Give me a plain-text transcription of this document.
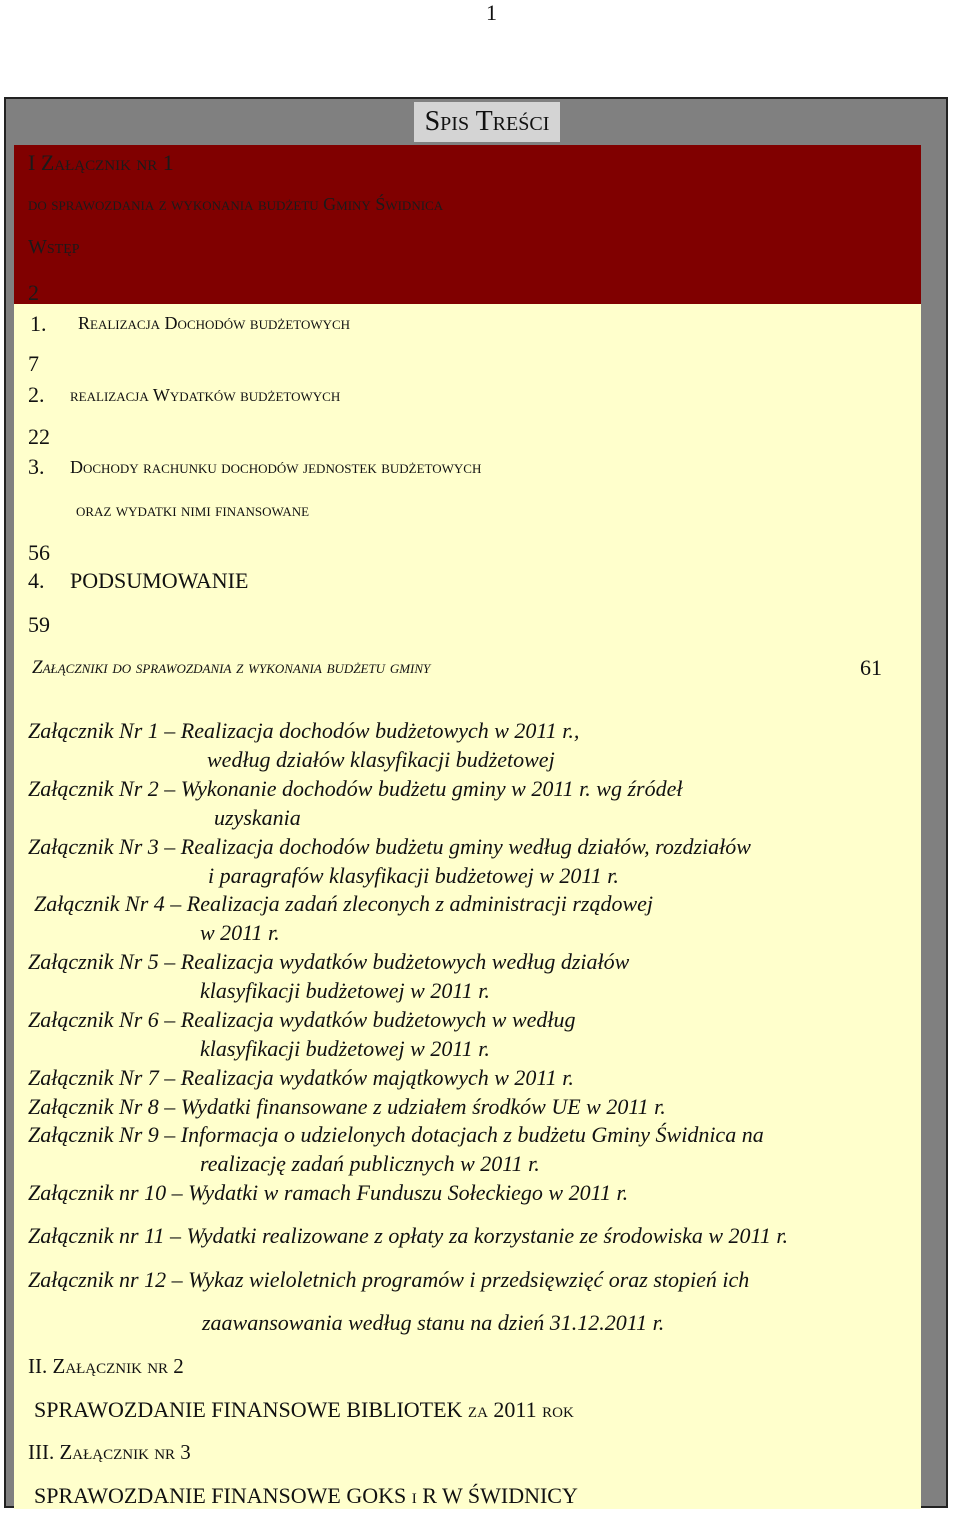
1
Spis Treści
I Załącznik nr 1
do sprawozdania z wykonania budżetu Gminy Świdnica
Wstęp
2
1. Realizacja Dochodów budżetowych
7
2. realizacja Wydatków budżetowych
22
3. Dochody rachunku dochodów jednostek budżetowych
oraz wydatki nimi finansowane
56
4. PODSUMOWANIE
59
Załączniki do sprawozdania z wykonania budżetu gminy	61
Załącznik Nr 1 – Realizacja dochodów budżetowych w 2011 r.,
według działów klasyfikacji budżetowej
Załącznik Nr 2 – Wykonanie dochodów budżetu gminy w 2011 r. wg źródeł
uzyskania
Załącznik Nr 3 – Realizacja dochodów budżetu gminy według działów, rozdziałów
i paragrafów klasyfikacji budżetowej w 2011 r.
Załącznik Nr 4 – Realizacja zadań zleconych z administracji rządowej
w 2011 r.
Załącznik Nr 5 – Realizacja wydatków budżetowych według działów
klasyfikacji budżetowej w 2011 r.
Załącznik Nr 6 – Realizacja wydatków budżetowych w według
klasyfikacji budżetowej w 2011 r.
Załącznik Nr 7 – Realizacja wydatków majątkowych w 2011 r.
Załącznik Nr 8 – Wydatki finansowane z udziałem środków UE w 2011 r.
Załącznik Nr 9 – Informacja o udzielonych dotacjach z budżetu Gminy Świdnica na
realizację zadań publicznych w 2011 r.
Załącznik nr 10 – Wydatki w ramach Funduszu Sołeckiego w 2011 r.
Załącznik nr 11 – Wydatki realizowane z opłaty za korzystanie ze środowiska w 2011 r.
Załącznik nr 12 – Wykaz wieloletnich programów i przedsięwzięć oraz stopień ich
zaawansowania według stanu na dzień 31.12.2011 r.
II. Załącznik nr 2
SPRAWOZDANIE FINANSOWE BIBLIOTEK za 2011 rok
III. Załącznik nr 3
SPRAWOZDANIE FINANSOWE GOKS i R W ŚWIDNICY
